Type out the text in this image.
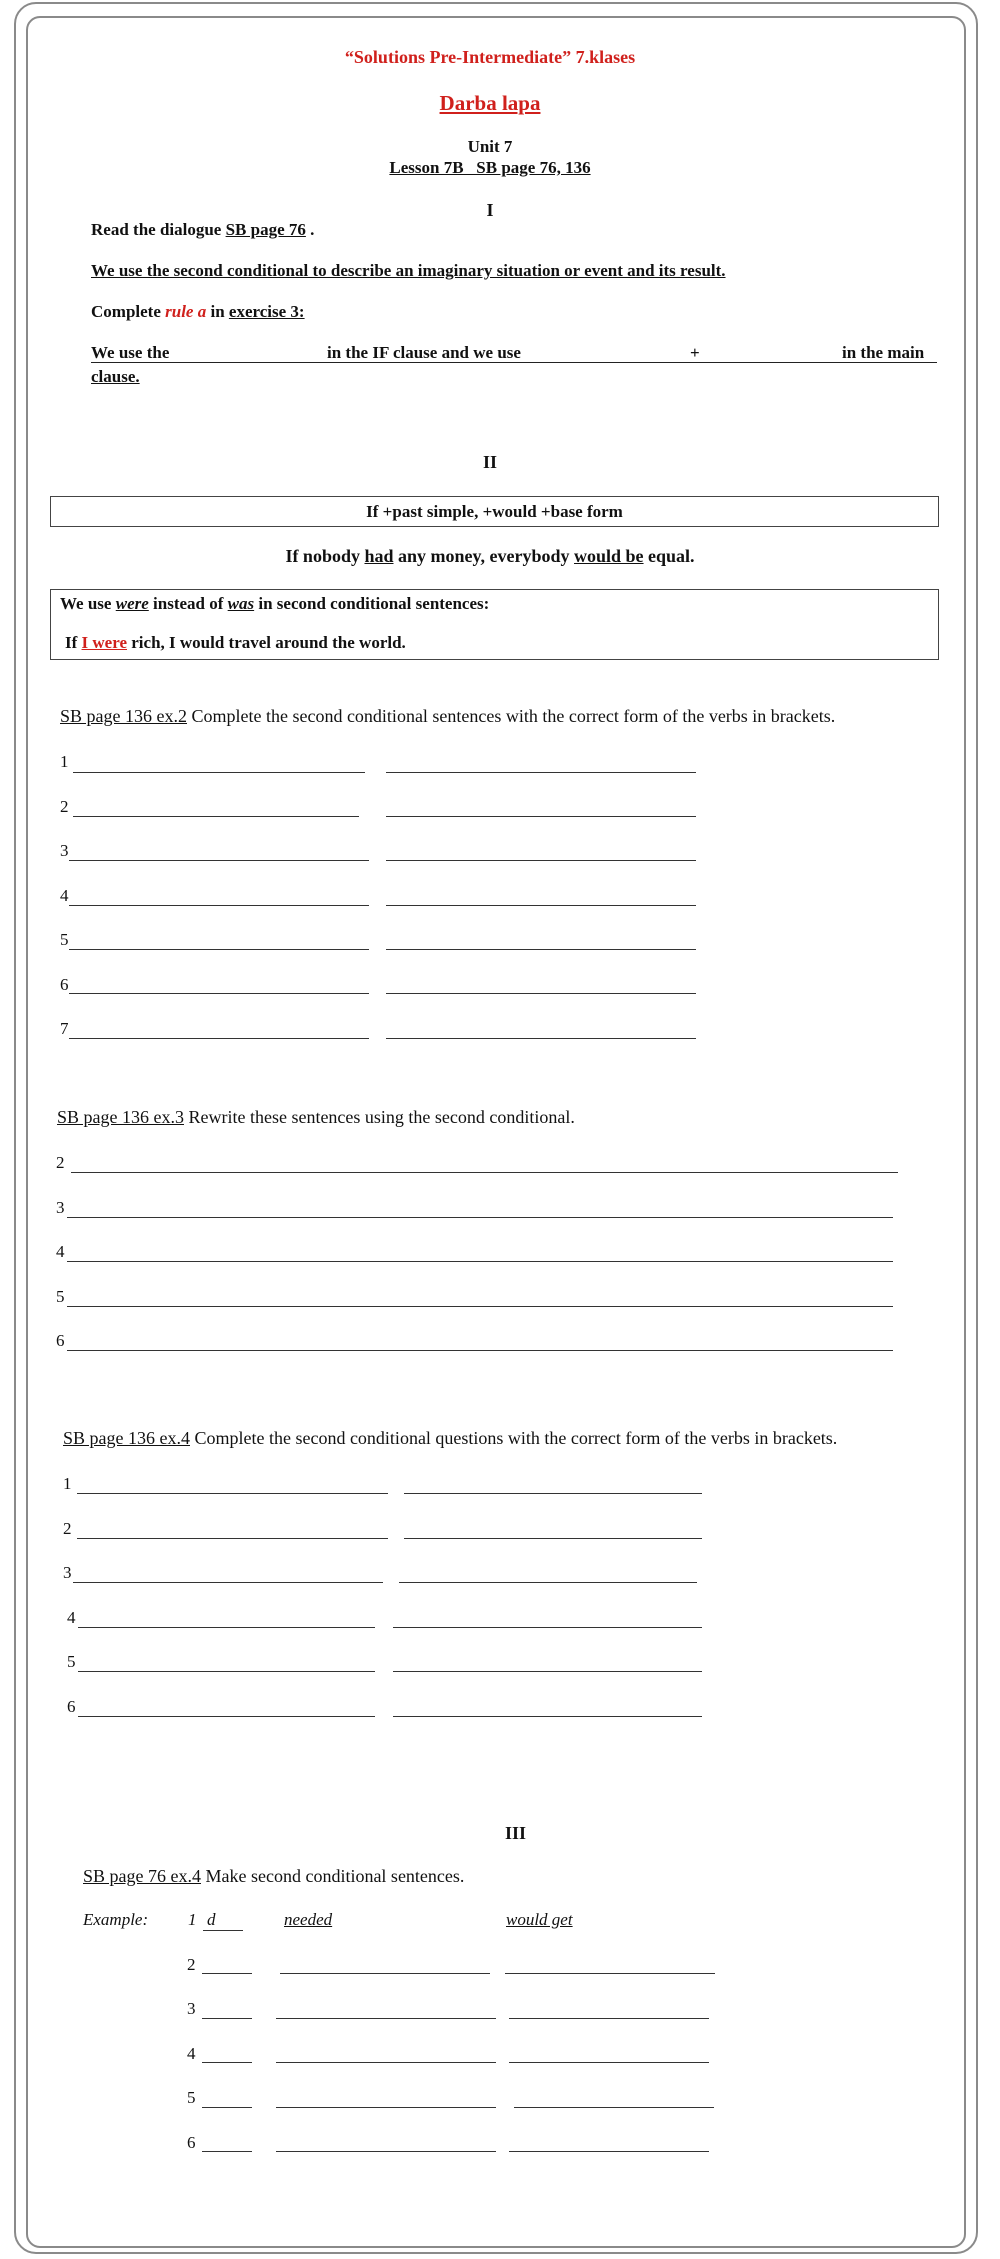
“Solutions Pre-Intermediate” 7.klases
Darba lapa
Unit 7
Lesson 7B   SB page 76, 136
I
Read the dialogue SB page 76 .
We use the second conditional to describe an imaginary situation or event and its result.
Complete rule a in exercise 3:
We use the	in the IF clause and we use	+	in the main
clause.
II
If +past simple, +would +base form
If nobody had any money, everybody would be equal.
We use were instead of was in second conditional sentences:
If I were rich, I would travel around the world.
SB page 136 ex.2 Complete the second conditional sentences with the correct form of the verbs in brackets.
1
2
3
4
5
6
7
SB page 136 ex.3 Rewrite these sentences using the second conditional.
2
3
4
5
6
SB page 136 ex.4 Complete the second conditional questions with the correct form of the verbs in brackets.
1
2
3
4
5
6
III
SB page 76 ex.4 Make second conditional sentences.
Example: 1 d	needed	would get
2
3
4
5
6
